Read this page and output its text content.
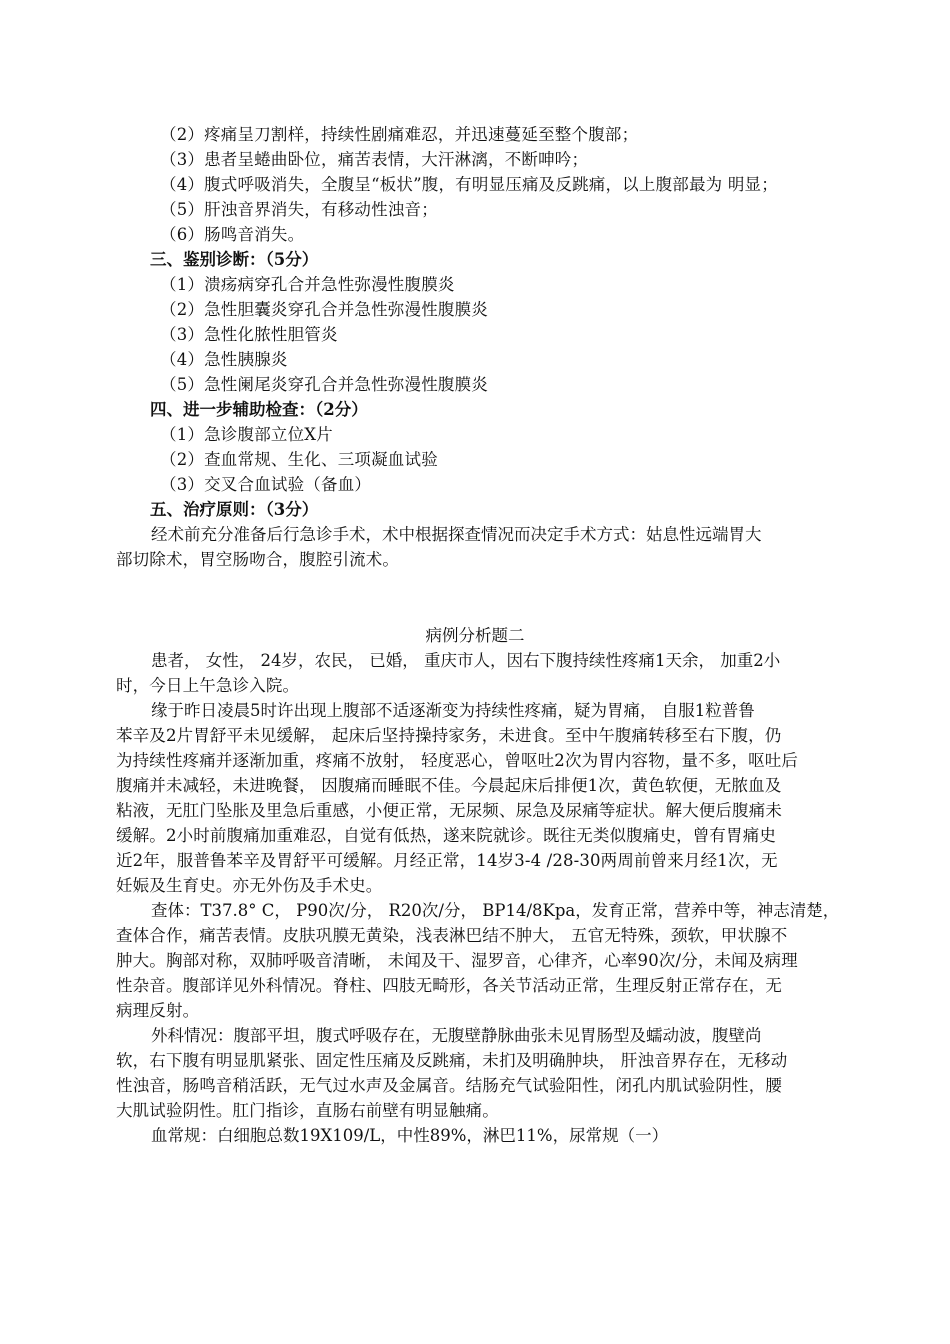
（2）疼痛呈刀割样，持续性剧痛难忍，并迅速蔓延至整个腹部；
（3）患者呈蜷曲卧位，痛苦表情，大汗淋漓，不断呻吟；
（4）腹式呼吸消失，全腹呈“板状”腹，有明显压痛及反跳痛，以上腹部最为 明显；
（5）肝浊音界消失，有移动性浊音；
（6）肠鸣音消失。
三、鉴别诊断：（5分）
（1）溃疡病穿孔合并急性弥漫性腹膜炎
（2）急性胆囊炎穿孔合并急性弥漫性腹膜炎
（3）急性化脓性胆管炎
（4）急性胰腺炎
（5）急性阑尾炎穿孔合并急性弥漫性腹膜炎
四、进一步辅助检查：（2分）
（1）急诊腹部立位X片
（2）查血常规、生化、三项凝血试验
（3）交叉合血试验（备血）
五、治疗原则：（3分）
经术前充分准备后行急诊手术，术中根据探查情况而决定手术方式：姑息性远端胃大
部切除术，胃空肠吻合，腹腔引流术。
病例分析题二
患者， 女性， 24岁，农民， 已婚， 重庆市人，因右下腹持续性疼痛1天余， 加重2小
时，今日上午急诊入院。
缘于昨日凌晨5时许出现上腹部不适逐渐变为持续性疼痛，疑为胃痛， 自服1粒普鲁
苯辛及2片胃舒平未见缓解， 起床后坚持操持家务，未进食。至中午腹痛转移至右下腹，仍
为持续性疼痛并逐渐加重，疼痛不放射， 轻度恶心，曾呕吐2次为胃内容物，量不多，呕吐后
腹痛并未减轻，未进晚餐， 因腹痛而睡眠不佳。今晨起床后排便1次，黄色软便，无脓血及
粘液，无肛门坠胀及里急后重感，小便正常，无尿频、尿急及尿痛等症状。解大便后腹痛未
缓解。2小时前腹痛加重难忍，自觉有低热，遂来院就诊。既往无类似腹痛史，曾有胃痛史
近2年，服普鲁苯辛及胃舒平可缓解。月经正常，14岁3-4 /28-30两周前曾来月经1次，无
妊娠及生育史。亦无外伤及手术史。
查体：T37.8° C， P90次/分， R20次/分， BP14/8Kpa，发育正常，营养中等，神志清楚，
查体合作，痛苦表情。皮肤巩膜无黄染，浅表淋巴结不肿大， 五官无特殊，颈软，甲状腺不
肿大。胸部对称，双肺呼吸音清晰， 未闻及干、湿罗音，心律齐，心率90次/分，未闻及病理
性杂音。腹部详见外科情况。脊柱、四肢无畸形，各关节活动正常，生理反射正常存在，无
病理反射。
外科情况：腹部平坦，腹式呼吸存在，无腹壁静脉曲张未见胃肠型及蠕动波，腹壁尚
软，右下腹有明显肌紧张、固定性压痛及反跳痛，未扪及明确肿块， 肝浊音界存在，无移动
性浊音，肠鸣音稍活跃，无气过水声及金属音。结肠充气试验阳性，闭孔内肌试验阴性，腰
大肌试验阴性。肛门指诊，直肠右前壁有明显触痛。
血常规：白细胞总数19X109/L，中性89%，淋巴11%，尿常规（一）
